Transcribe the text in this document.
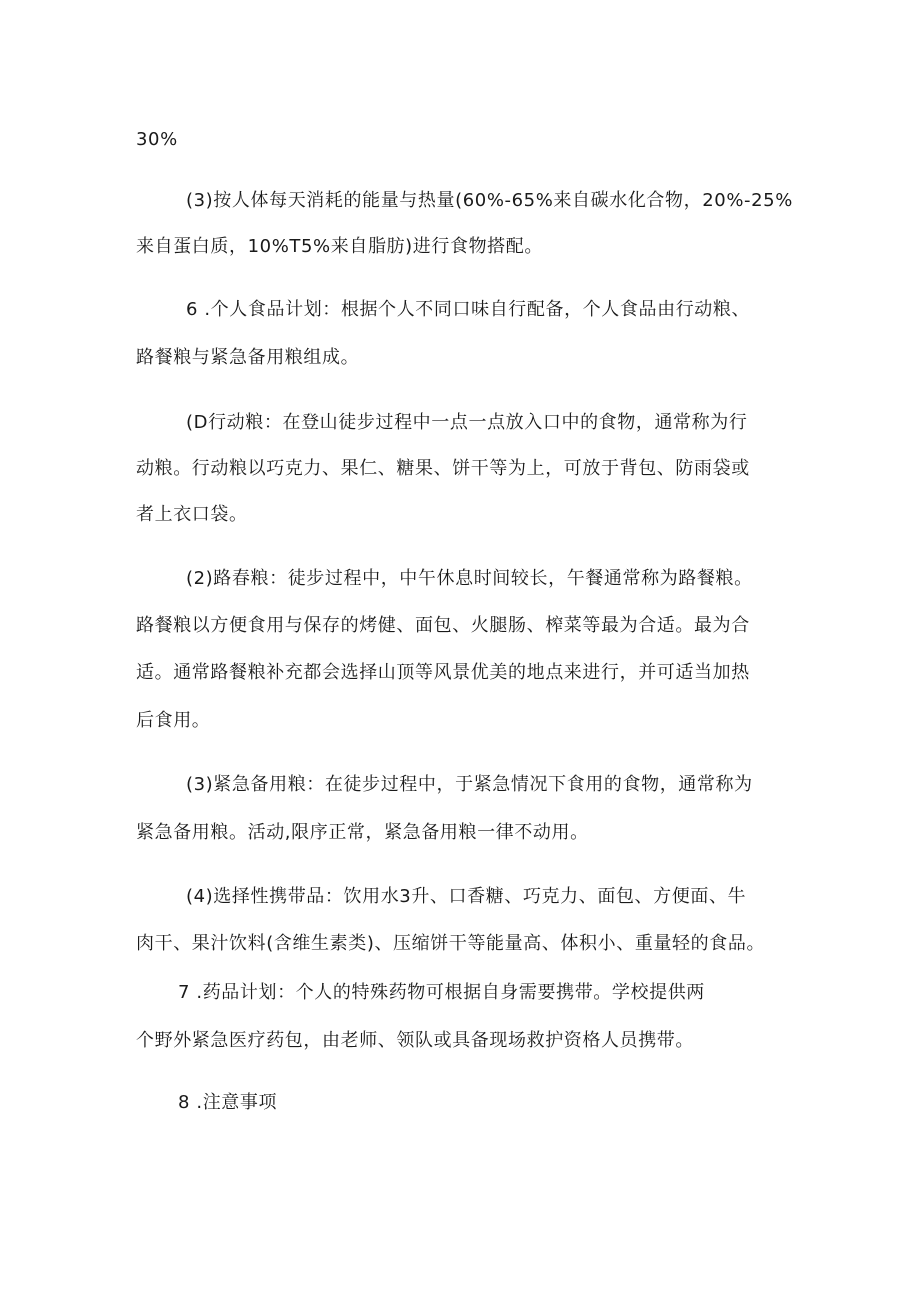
30%

(3)按人体每天消耗的能量与热量(60%-65%来自碳水化合物，20%-25%

来自蛋白质，10%T5%来自脂肪)进行食物搭配。

6 .个人食品计划：根据个人不同口味自行配备，个人食品由行动粮、

路餐粮与紧急备用粮组成。

(D行动粮：在登山徒步过程中一点一点放入口中的食物，通常称为行

动粮。行动粮以巧克力、果仁、糖果、饼干等为上，可放于背包、防雨袋或

者上衣口袋。

(2)路春粮：徒步过程中，中午休息时间较长，午餐通常称为路餐粮。

路餐粮以方便食用与保存的烤健、面包、火腿肠、榨菜等最为合适。最为合

适。通常路餐粮补充都会选择山顶等风景优美的地点来进行，并可适当加热

后食用。

(3)紧急备用粮：在徒步过程中，于紧急情况下食用的食物，通常称为

紧急备用粮。活动,限序正常，紧急备用粮一律不动用。

(4)选择性携带品：饮用水3升、口香糖、巧克力、面包、方便面、牛

肉干、果汁饮料(含维生素类)、压缩饼干等能量高、体积小、重量轻的食品。

7 .药品计划：个人的特殊药物可根据自身需要携带。学校提供两

个野外紧急医疗药包，由老师、领队或具备现场救护资格人员携带。

8 .注意事项
